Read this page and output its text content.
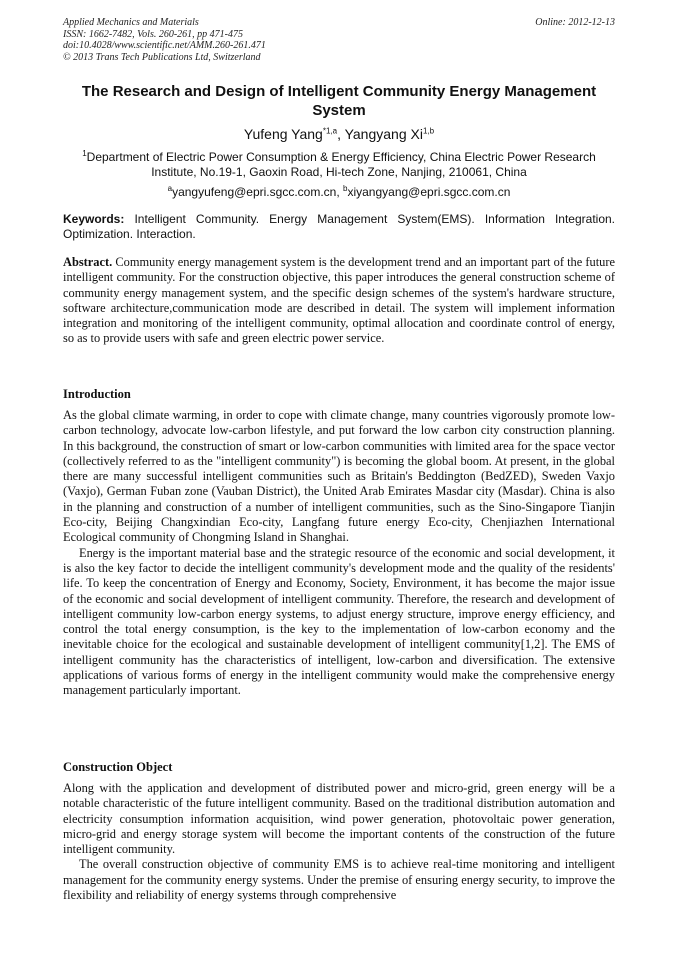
Applied Mechanics and Materials	Online: 2012-12-13
ISSN: 1662-7482, Vols. 260-261, pp 471-475
doi:10.4028/www.scientific.net/AMM.260-261.471
© 2013 Trans Tech Publications Ltd, Switzerland
The Research and Design of Intelligent Community Energy Management System
Yufeng Yang$^{*1,a}$, Yangyang Xi$^{1,b}$
$^1$Department of Electric Power Consumption & Energy Efficiency, China Electric Power Research Institute, No.19-1, Gaoxin Road, Hi-tech Zone, Nanjing, 210061, China
$^a$yangyufeng@epri.sgcc.com.cn, $^b$xiyangyang@epri.sgcc.com.cn
Keywords: Intelligent Community. Energy Management System(EMS). Information Integration. Optimization. Interaction.

Abstract. Community energy management system is the development trend and an important part of the future intelligent community. For the construction objective, this paper introduces the general construction scheme of community energy management system, and the specific design schemes of the system's hardware structure, software architecture,communication mode are described in detail. The system will implement information integration and monitoring of the intelligent community, optimal allocation and coordinate control of energy, so as to provide users with safe and green electric power service.

Introduction

As the global climate warming, in order to cope with climate change, many countries vigorously promote low-carbon technology, advocate low-carbon lifestyle, and put forward the low carbon city construction planning. In this background, the construction of smart or low-carbon communities with limited area for the space vector (collectively referred to as the "intelligent community") is becoming the global boom. At present, in the global there are many successful intelligent communities such as Britain's Beddington (BedZED), Sweden Vaxjo (Vaxjo), German Fuban zone (Vauban District), the United Arab Emirates Masdar city (Masdar). China is also in the planning and construction of a number of intelligent communities, such as the Sino-Singapore Tianjin Eco-city, Beijing Changxindian Eco-city, Langfang future energy Eco-city, Chenjiazhen International Ecological community of Chongming Island in Shanghai.

Energy is the important material base and the strategic resource of the economic and social development, it is also the key factor to decide the intelligent community's development mode and the quality of the residents' life. To keep the concentration of Energy and Economy, Society, Environment, it has become the major issue of the economic and social development of intelligent community. Therefore, the research and development of intelligent community low-carbon energy systems, to adjust energy structure, improve energy efficiency, and control the total energy consumption, is the key to the implementation of low-carbon economy and the inevitable choice for the ecological and sustainable development of intelligent community[1,2]. The EMS of intelligent community has the characteristics of intelligent, low-carbon and diversification. The extensive applications of various forms of energy in the intelligent community would make the comprehensive energy management particularly important.

Construction Object

Along with the application and development of distributed power and micro-grid, green energy will be a notable characteristic of the future intelligent community. Based on the traditional distribution automation and electricity consumption information acquisition, wind power generation, photovoltaic power generation, micro-grid and energy storage system will become the important contents of the construction of the future intelligent community.

The overall construction objective of community EMS is to achieve real-time monitoring and intelligent management for the community energy systems. Under the premise of ensuring energy security, to improve the flexibility and reliability of energy systems through comprehensive
